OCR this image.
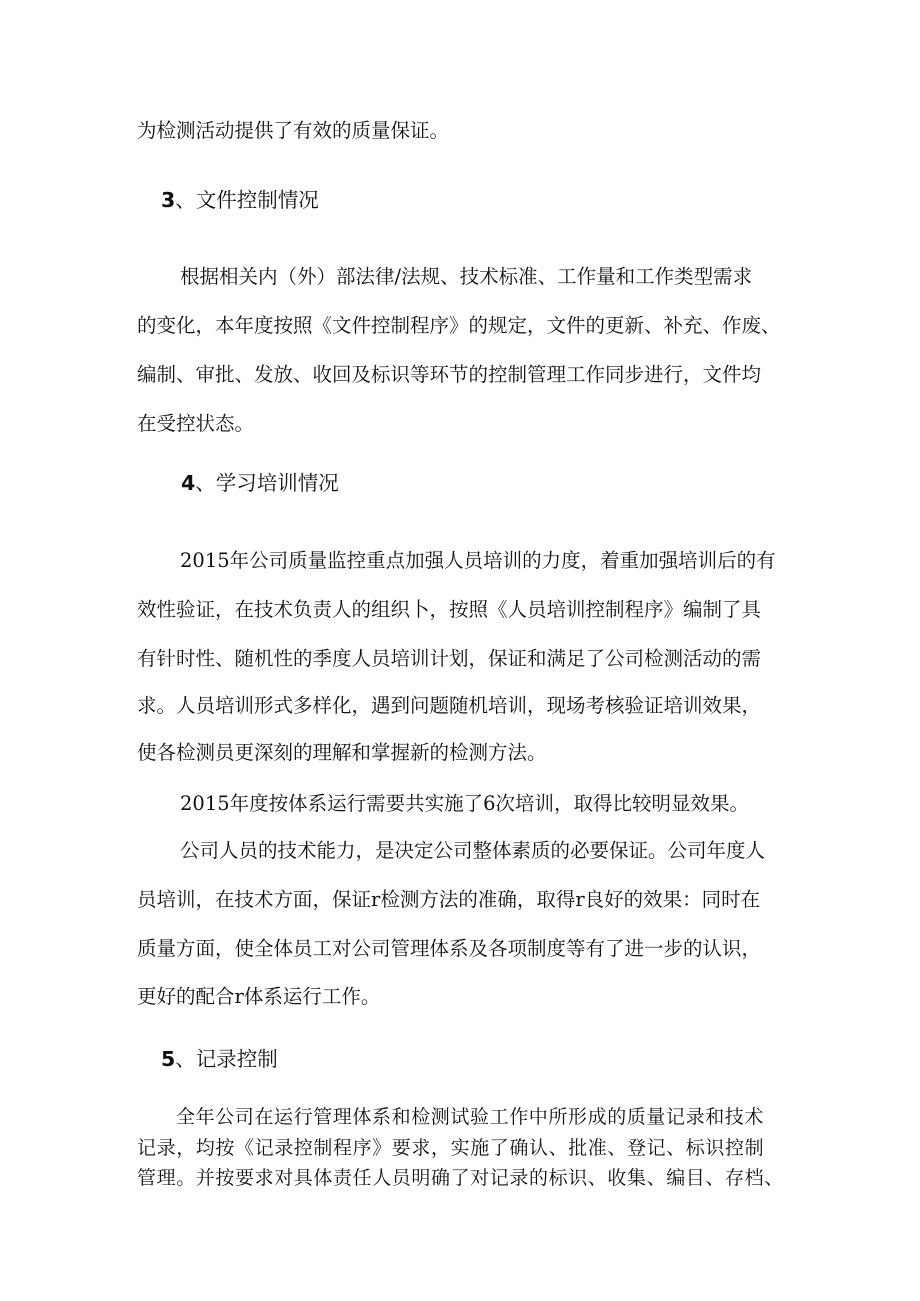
为检测活动提供了有效的质量保证。

3、文件控制情况

根据相关内（外）部法律/法规、技术标准、工作量和工作类型需求

的变化，本年度按照《文件控制程序》的规定，文件的更新、补充、作废、

编制、审批、发放、收回及标识等环节的控制管理工作同步进行，文件均

在受控状态。

4、学习培训情况

2015年公司质量监控重点加强人员培训的力度，着重加强培训后的有

效性验证，在技术负责人的组织卜，按照《人员培训控制程序》编制了具

有针时性、随机性的季度人员培训计划，保证和满足了公司检测活动的需

求。人员培训形式多样化，遇到问题随机培训，现场考核验证培训效果，

使各检测员更深刻的理解和掌握新的检测方法。

2015年度按体系运行需要共实施了6次培训，取得比较明显效果。

公司人员的技术能力，是决定公司整体素质的必要保证。公司年度人

员培训，在技术方面，保证r检测方法的准确，取得r良好的效果：同时在

质量方面，使全体员工对公司管理体系及各项制度等有了进一步的认识，

更好的配合r体系运行工作。

5、记录控制

全年公司在运行管理体系和检测试验工作中所形成的质量记录和技术

记录，均按《记录控制程序》要求，实施了确认、批准、登记、标识控制

管理。并按要求对具体责任人员明确了对记录的标识、收集、编目、存档、
